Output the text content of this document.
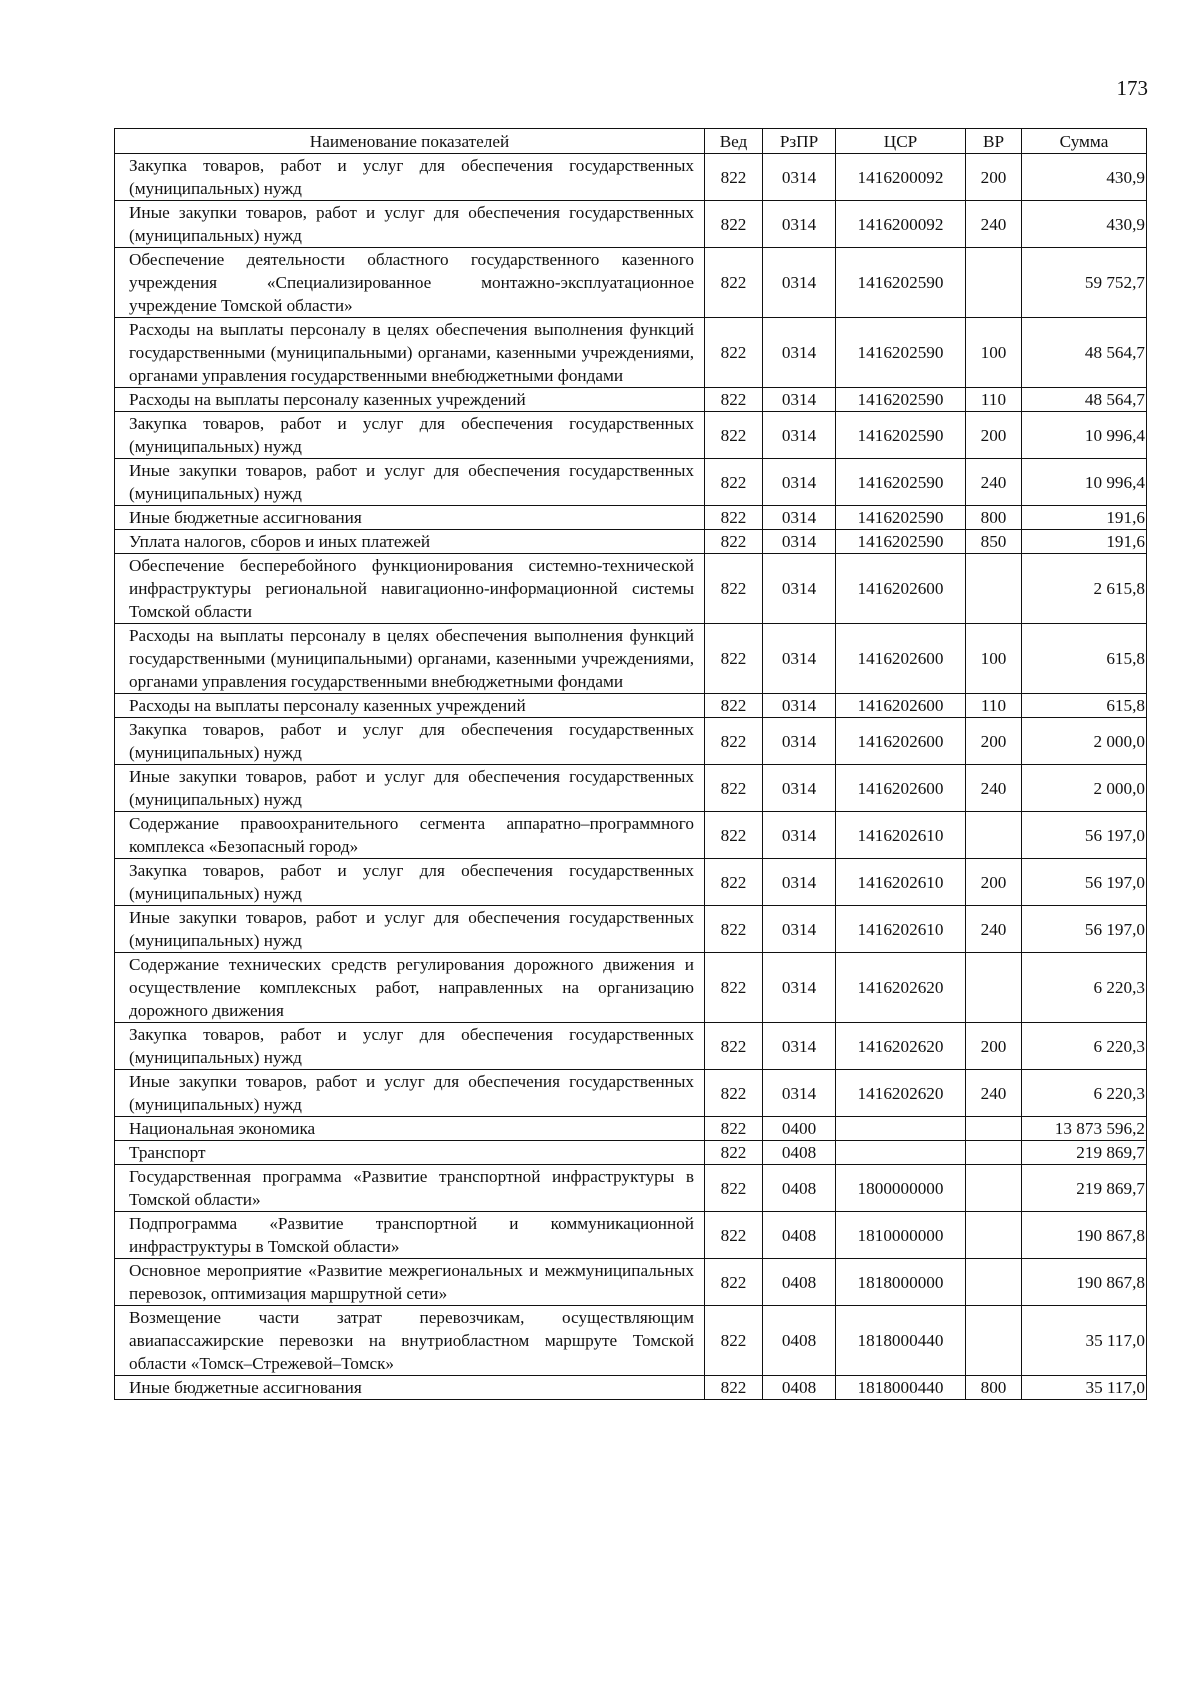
173
Наименование показателей	Вед	РзПР	ЦСР	ВР	Сумма
Закупка товаров, работ и услуг для обеспечения государственных (муниципальных) нужд	822	0314	1416200092	200	430,9
Иные закупки товаров, работ и услуг для обеспечения государственных (муниципальных) нужд	822	0314	1416200092	240	430,9
Обеспечение деятельности областного государственного казенного учреждения «Специализированное монтажно-эксплуатационное учреждение Томской области»	822	0314	1416202590		59 752,7
Расходы на выплаты персоналу в целях обеспечения выполнения функций государственными (муниципальными) органами, казенными учреждениями, органами управления государственными внебюджетными фондами	822	0314	1416202590	100	48 564,7
Расходы на выплаты персоналу казенных учреждений	822	0314	1416202590	110	48 564,7
Закупка товаров, работ и услуг для обеспечения государственных (муниципальных) нужд	822	0314	1416202590	200	10 996,4
Иные закупки товаров, работ и услуг для обеспечения государственных (муниципальных) нужд	822	0314	1416202590	240	10 996,4
Иные бюджетные ассигнования	822	0314	1416202590	800	191,6
Уплата налогов, сборов и иных платежей	822	0314	1416202590	850	191,6
Обеспечение бесперебойного функционирования системно-технической инфраструктуры региональной навигационно-информационной системы Томской области	822	0314	1416202600		2 615,8
Расходы на выплаты персоналу в целях обеспечения выполнения функций государственными (муниципальными) органами, казенными учреждениями, органами управления государственными внебюджетными фондами	822	0314	1416202600	100	615,8
Расходы на выплаты персоналу казенных учреждений	822	0314	1416202600	110	615,8
Закупка товаров, работ и услуг для обеспечения государственных (муниципальных) нужд	822	0314	1416202600	200	2 000,0
Иные закупки товаров, работ и услуг для обеспечения государственных (муниципальных) нужд	822	0314	1416202600	240	2 000,0
Содержание правоохранительного сегмента аппаратно–программного комплекса «Безопасный город»	822	0314	1416202610		56 197,0
Закупка товаров, работ и услуг для обеспечения государственных (муниципальных) нужд	822	0314	1416202610	200	56 197,0
Иные закупки товаров, работ и услуг для обеспечения государственных (муниципальных) нужд	822	0314	1416202610	240	56 197,0
Содержание технических средств регулирования дорожного движения и осуществление комплексных работ, направленных на организацию дорожного движения	822	0314	1416202620		6 220,3
Закупка товаров, работ и услуг для обеспечения государственных (муниципальных) нужд	822	0314	1416202620	200	6 220,3
Иные закупки товаров, работ и услуг для обеспечения государственных (муниципальных) нужд	822	0314	1416202620	240	6 220,3
Национальная экономика	822	0400			13 873 596,2
Транспорт	822	0408			219 869,7
Государственная программа «Развитие транспортной инфраструктуры в Томской области»	822	0408	1800000000		219 869,7
Подпрограмма «Развитие транспортной и коммуникационной инфраструктуры в Томской области»	822	0408	1810000000		190 867,8
Основное мероприятие «Развитие межрегиональных и межмуниципальных перевозок, оптимизация маршрутной сети»	822	0408	1818000000		190 867,8
Возмещение части затрат перевозчикам, осуществляющим авиапассажирские перевозки на внутриобластном маршруте Томской области «Томск–Стрежевой–Томск»	822	0408	1818000440		35 117,0
Иные бюджетные ассигнования	822	0408	1818000440	800	35 117,0
